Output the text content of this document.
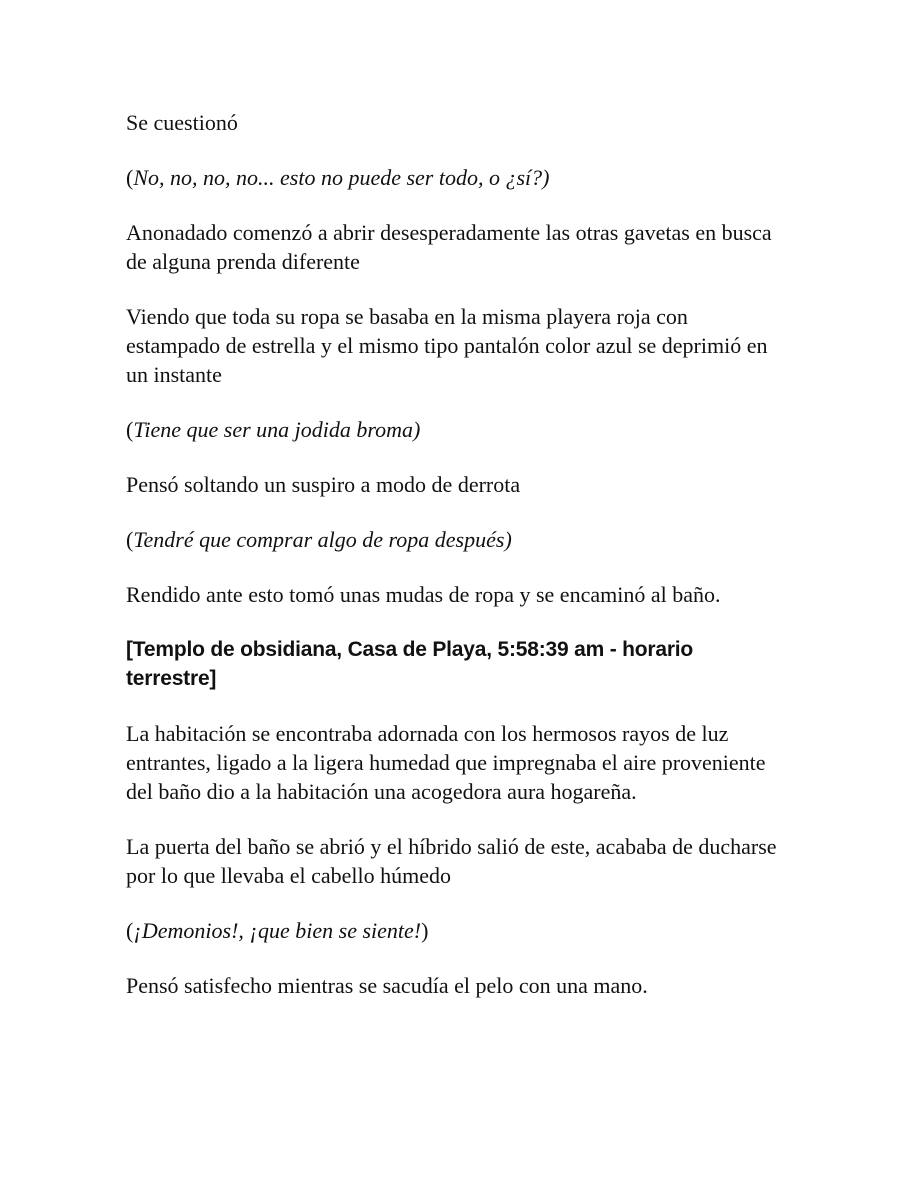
Se cuestionó

(No, no, no, no... esto no puede ser todo, o ¿sí?)

Anonadado comenzó a abrir desesperadamente las otras gavetas en busca de alguna prenda diferente

Viendo que toda su ropa se basaba en la misma playera roja con estampado de estrella y el mismo tipo pantalón color azul se deprimió en un instante

(Tiene que ser una jodida broma)

Pensó soltando un suspiro a modo de derrota

(Tendré que comprar algo de ropa después)

Rendido ante esto tomó unas mudas de ropa y se encaminó al baño.

[Templo de obsidiana, Casa de Playa, 5:58:39 am - horario terrestre]

La habitación se encontraba adornada con los hermosos rayos de luz entrantes, ligado a la ligera humedad que impregnaba el aire proveniente del baño dio a la habitación una acogedora aura hogareña.

La puerta del baño se abrió y el híbrido salió de este, acababa de ducharse por lo que llevaba el cabello húmedo

(¡Demonios!, ¡que bien se siente!)

Pensó satisfecho mientras se sacudía el pelo con una mano.
